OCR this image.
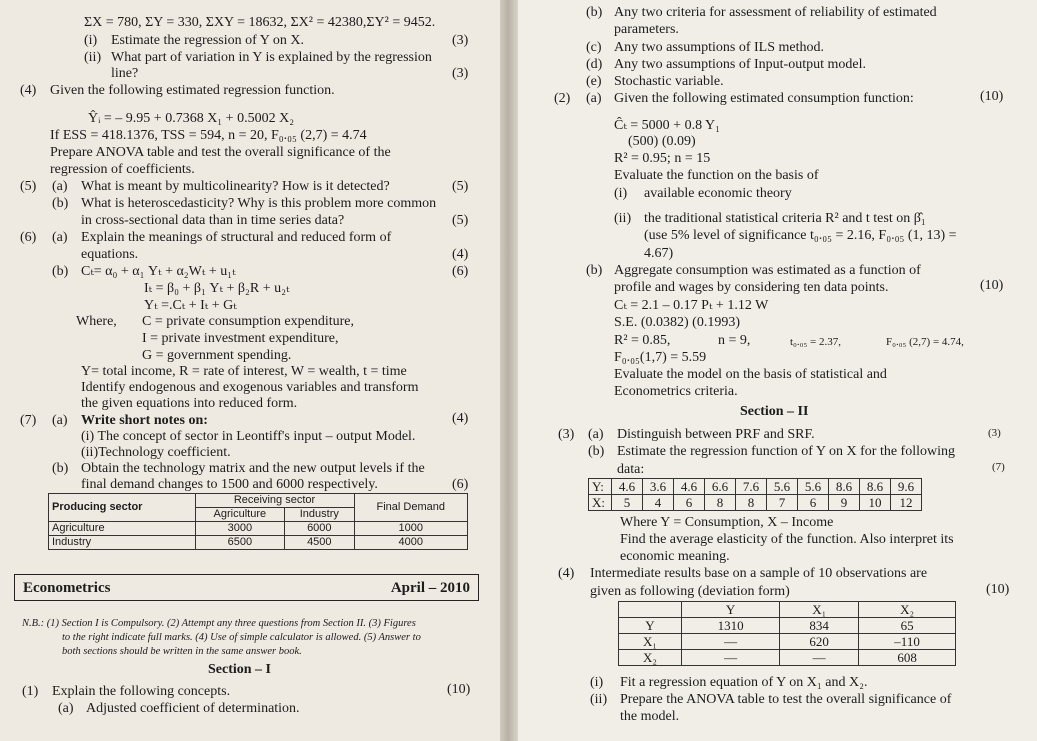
ΣX = 780, ΣY = 330, ΣXY = 18632, ΣX² = 42380,ΣY² = 9452.
(i) Estimate the regression of Y on X.	(3)
(ii) What part of variation in Y is explained by the regression
line?	(3)
(4) Given the following estimated regression function.
Ŷᵢ = – 9.95 + 0.7368 X₁ + 0.5002 X₂
If ESS = 418.1376, TSS = 594, n = 20, F₀.₀₅ (2,7) = 4.74
Prepare ANOVA table and test the overall significance of the
regression of coefficients.
(5) (a) What is meant by multicolinearity? How is it detected?	(5)
(b) What is heteroscedasticity? Why is this problem more common
in cross-sectional data than in time series data?	(5)
(6) (a) Explain the meanings of structural and reduced form of
equations.	(4)
(b) Cₜ= α₀ + α₁ Yₜ + α₂Wₜ + u₁ₜ	(6)
Iₜ = β₀ + β₁ Yₜ + β₂R + u₂ₜ
Yₜ =.Cₜ + Iₜ + Gₜ
Where, C = private consumption expenditure,
I = private investment expenditure,
G = government spending.
Y= total income, R = rate of interest, W = wealth, t = time
Identify endogenous and exogenous variables and transform
the given equations into reduced form.
(7) (a) Write short notes on:	(4)
(i) The concept of sector in Leontiff's input – output Model.
(ii)Technology coefficient.
(b) Obtain the technology matrix and the new output levels if the
final demand changes to 1500 and 6000 respectively.	(6)
Producing sector	Receiving sector		Final Demand
	Agriculture	Industry	
Agriculture	3000	6000	1000
Industry	6500	4500	4000
Econometrics	April – 2010
N.B.: (1) Section I is Compulsory. (2) Attempt any three questions from Section II. (3) Figures
to the right indicate full marks. (4) Use of simple calculator is allowed. (5) Answer to
both sections should be written in the same answer book.
Section – I
(1) Explain the following concepts.	(10)
(a) Adjusted coefficient of determination.
(b) Any two criteria for assessment of reliability of estimated
parameters.
(c) Any two assumptions of ILS method.
(d) Any two assumptions of Input-output model.
(e) Stochastic variable.
(2) (a) Given the following estimated consumption function:	(10)
Ĉₜ = 5000 + 0.8 Y₁
(500) (0.09)
R² = 0.95; n = 15
Evaluate the function on the basis of
(i) available economic theory
(ii) the traditional statistical criteria R² and t test on β̂₁
(use 5% level of significance t₀.₀₅ = 2.16, F₀.₀₅ (1, 13) =
4.67)
(b) Aggregate consumption was estimated as a function of
profile and wages by considering ten data points.	(10)
Cₜ = 2.1 – 0.17 Pₜ + 1.12 W
S.E. (0.0382) (0.1993)
R² = 0.85,	n = 9,	t₀.₀₅ = 2.37,	F₀.₀₅ (2,7) = 4.74,
F₀.₀₅(1,7) = 5.59
Evaluate the model on the basis of statistical and
Econometrics criteria.
Section – II
(3) (a) Distinguish between PRF and SRF.	(3)
(b) Estimate the regression function of Y on X for the following
data:	(7)
Y:	4.6	3.6	4.6	6.6	7.6	5.6	5.6	8.6	8.6	9.6
X:	5	4	6	8	8	7	6	9	10	12
Where Y = Consumption, X – Income
Find the average elasticity of the function. Also interpret its
economic meaning.
(4) Intermediate results base on a sample of 10 observations are
given as following (deviation form)	(10)
	Y	X₁	X₂
Y	1310	834	65
X₁	—	620	–110
X₂	—	—	608
(i) Fit a regression equation of Y on X₁ and X₂.
(ii) Prepare the ANOVA table to test the overall significance of
the model.
